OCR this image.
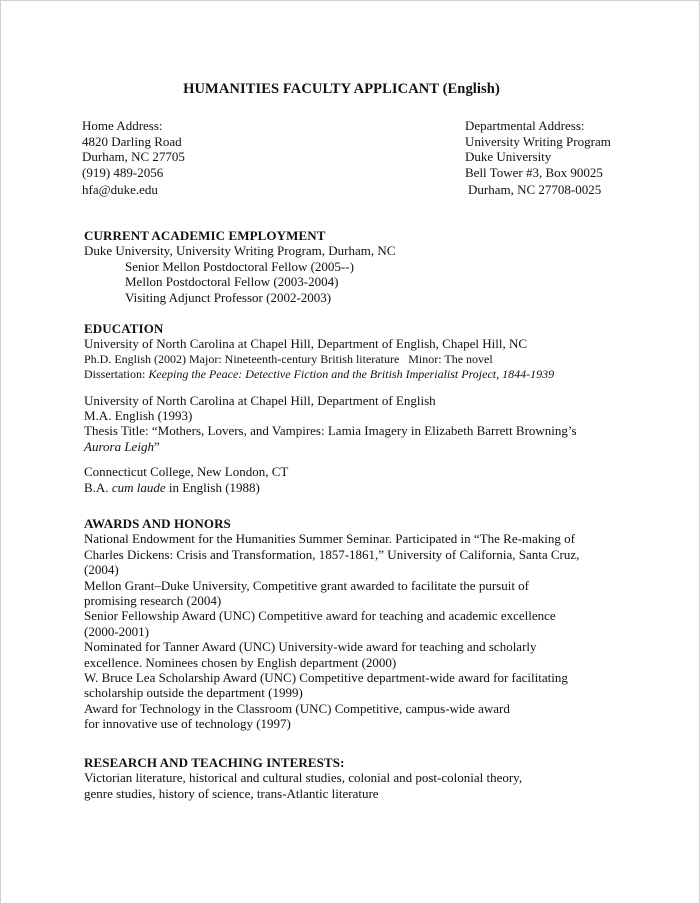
HUMANITIES FACULTY APPLICANT (English)
Home Address:
4820 Darling Road
Durham, NC 27705
(919) 489-2056
hfa@duke.edu
Departmental Address:
University Writing Program
Duke University
Bell Tower #3, Box 90025
Durham, NC 27708-0025
CURRENT ACADEMIC EMPLOYMENT
Duke University, University Writing Program, Durham, NC
Senior Mellon Postdoctoral Fellow (2005--)
Mellon Postdoctoral Fellow (2003-2004)
Visiting Adjunct Professor (2002-2003)
EDUCATION
University of North Carolina at Chapel Hill, Department of English, Chapel Hill, NC
Ph.D. English (2002) Major: Nineteenth-century British literature   Minor: The novel
Dissertation: Keeping the Peace: Detective Fiction and the British Imperialist Project, 1844-1939
University of North Carolina at Chapel Hill, Department of English
M.A. English (1993)
Thesis Title: “Mothers, Lovers, and Vampires: Lamia Imagery in Elizabeth Barrett Browning’s
Aurora Leigh”
Connecticut College, New London, CT
B.A. cum laude in English (1988)
AWARDS AND HONORS
National Endowment for the Humanities Summer Seminar. Participated in “The Re-making of
Charles Dickens: Crisis and Transformation, 1857-1861,” University of California, Santa Cruz,
(2004)
Mellon Grant–Duke University, Competitive grant awarded to facilitate the pursuit of
promising research (2004)
Senior Fellowship Award (UNC) Competitive award for teaching and academic excellence
(2000-2001)
Nominated for Tanner Award (UNC) University-wide award for teaching and scholarly
excellence. Nominees chosen by English department (2000)
W. Bruce Lea Scholarship Award (UNC) Competitive department-wide award for facilitating
scholarship outside the department (1999)
Award for Technology in the Classroom (UNC) Competitive, campus-wide award
for innovative use of technology (1997)
RESEARCH AND TEACHING INTERESTS:
Victorian literature, historical and cultural studies, colonial and post-colonial theory,
genre studies, history of science, trans-Atlantic literature
